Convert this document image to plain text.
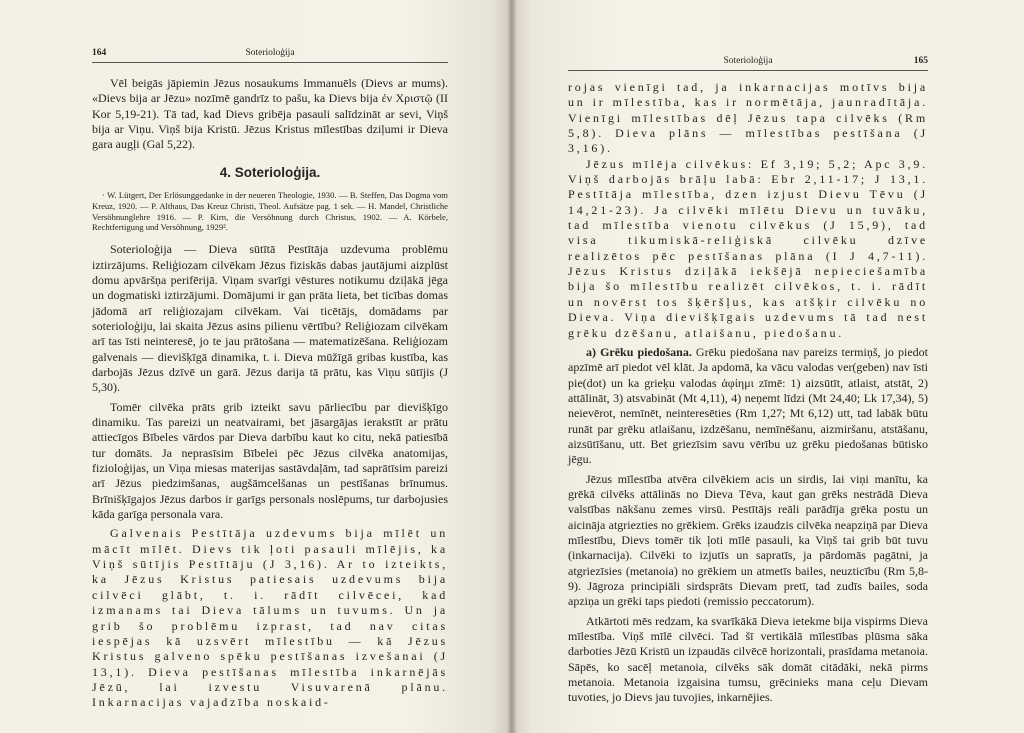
164	Soterioloģija

Vēl beigās jāpiemin Jēzus nosaukums Immanuēls (Dievs ar mums). «Dievs bija ar Jēzu» nozīmē gandrīz to pašu, ka Dievs bija ἐν Χριστῷ (II Kor 5,19-21). Tā tad, kad Dievs gribēja pasauli salīdzināt ar sevi, Viņš bija ar Viņu. Viņš bija Kristū. Jēzus Kristus mīlestības dziļumi ir Dieva gara augļi (Gal 5,22).

4. Soterioloģija.

· W. Lütgert, Der Erlösunggedanke in der neueren Theologie, 1930. — B. Steffen, Das Dogma vom Kreuz, 1920. — P. Althaus, Das Kreuz Christi, Theol. Aufsätze pag. 1 sek. — H. Mandel, Christliche Versöhnunglehre 1916. — P. Kirn, die Versöhnung durch Christus, 1902. — A. Körbele, Rechtfertigung und Versöhnung, 1929².

Soterioloģija — Dieva sūtītā Pestītāja uzdevuma problēmu iztirzājums. Reliģiozam cilvēkam Jēzus fiziskās dabas jautājumi aizplūst domu apvāršņa perifērijā. Viņam svarīgi vēstures notikumu dziļākā jēga un dogmatiski iztirzājumi. Domājumi ir gan prāta lieta, bet ticības domas jādomā arī reliģiozajam cilvēkam. Vai ticētājs, domādams par soterioloģiju, lai skaita Jēzus asins pilienu vērtību? Reliģiozam cilvēkam arī tas īsti neinteresē, jo te jau prātošana — matematizēšana. Reliģiozam galvenais — dievišķīgā dinamika, t. i. Dieva mūžīgā gribas kustība, kas darbojās Jēzus dzīvē un garā. Jēzus darija tā prātu, kas Viņu sūtījis (J 5,30).

Tomēr cilvēka prāts grib izteikt savu pārliecību par dievišķīgo dinamiku. Tas pareizi un neatvairami, bet jāsargājas ierakstīt ar prātu attiecīgos Bībeles vārdos par Dieva darbību kaut ko citu, nekā patiesībā tur domāts. Ja neprasīsim Bībelei pēc Jēzus cilvēka anatomijas, fizioloģijas, un Viņa miesas materijas sastāvdaļām, tad saprātīsim pareizi arī Jēzus piedzimšanas, augšāmcelšanas un pestīšanas brīnumus. Brīnišķīgajos Jēzus darbos ir garīgs personals noslēpums, tur darbojusies kāda garīga personala vara.

Galvenais Pestītāja uzdevums bija mīlēt un mācīt mīlēt. Dievs tik ļoti pasauli mīlējis, ka Viņš sūtījis Pestītāju (J 3,16). Ar to izteikts, ka Jēzus Kristus patiesais uzdevums bija cilvēci glābt, t. i. rādīt cilvēcei, kad izmanams tai Dieva tālums un tuvums. Un ja grib šo problēmu izprast, tad nav citas iespējas kā uzsvērt mīlestību — kā Jēzus Kristus galveno spēku pestīšanas izvešanai (J 13,1). Dieva pestīšanas mīlestība inkarnējās Jēzū, lai izvestu Visuvarenā plānu. Inkarnacijas vajadzība noskaid-

Soterioloģija	165

rojas vienīgi tad, ja inkarnacijas motīvs bija un ir mīlestība, kas ir normētāja, jaunradītāja. Vienīgi mīlestības dēļ Jēzus tapa cilvēks (Rm 5,8). Dieva plāns — mīlestības pestīšana (J 3,16).

Jēzus mīlēja cilvēkus: Ef 3,19; 5,2; Apc 3,9. Viņš darbojās brāļu labā: Ebr 2,11-17; J 13,1. Pestītāja mīlestība, dzen izjust Dievu Tēvu (J 14,21-23). Ja cilvēki mīlētu Dievu un tuvāku, tad mīlestība vienotu cilvēkus (J 15,9), tad visa tikumiskā-reliģiskā cilvēku dzīve realizētos pēc pestīšanas plāna (I J 4,7-11). Jēzus Kristus dziļākā iekšējā nepieciešamība bija šo mīlestību realizēt cilvēkos, t. i. rādīt un novērst tos šķēršļus, kas atšķir cilvēku no Dieva. Viņa dievišķīgais uzdevums tā tad nest grēku dzēšanu, atlaišanu, piedošanu.

a) Grēku piedošana. Grēku piedošana nav pareizs termiņš, jo piedot apzīmē arī piedot vēl klāt. Ja apdomā, ka vācu valodas ver(geben) nav īsti pie(dot) un ka grieķu valodas ἀφίημι zīmē: 1) aizsūtīt, atlaist, atstāt, 2) attālināt, 3) atsvabināt (Mt 4,11), 4) neņemt līdzi (Mt 24,40; Lk 17,34), 5) neievērot, nemīnēt, neinteresēties (Rm 1,27; Mt 6,12) utt, tad labāk būtu runāt par grēku atlaišanu, izdzēšanu, nemīnēšanu, aizmiršanu, atstāšanu, aizsūtīšanu, utt. Bet griezīsim savu vērību uz grēku piedošanas būtisko jēgu.

Jēzus mīlestība atvēra cilvēkiem acis un sirdis, lai viņi manītu, ka grēkā cilvēks attālinās no Dieva Tēva, kaut gan grēks nestrādā Dieva valstības nākšanu zemes virsū. Pestītājs reāli parādīja grēka postu un aicināja atgriezties no grēkiem. Grēks izaudzis cilvēka neapziņā par Dieva mīlestību, Dievs tomēr tik ļoti mīlē pasauli, ka Viņš tai grib būt tuvu (inkarnacija). Cilvēki to izjutīs un sapratīs, ja pārdomās pagātni, ja atgriezīsies (metanoia) no grēkiem un atmetīs bailes, neuzticību (Rm 5,8-9). Jāgroza principiāli sirdsprāts Dievam pretī, tad zudīs bailes, soda apziņa un grēki taps piedoti (remissio peccatorum).

Atkārtoti mēs redzam, ka svarīkākā Dieva ietekme bija vispirms Dieva mīlestība. Viņš mīlē cilvēci. Tad šī vertikālā mīlestības plūsma sāka darboties Jēzū Kristū un izpaudās cilvēcē horizontali, prasīdama metanoia. Sāpēs, ko sacēļ metanoia, cilvēks sāk domāt citādāki, nekā pirms metanoia. Metanoia izgaisina tumsu, grēcinieks mana ceļu Dievam tuvoties, jo Dievs jau tuvojies, inkarnējies.
